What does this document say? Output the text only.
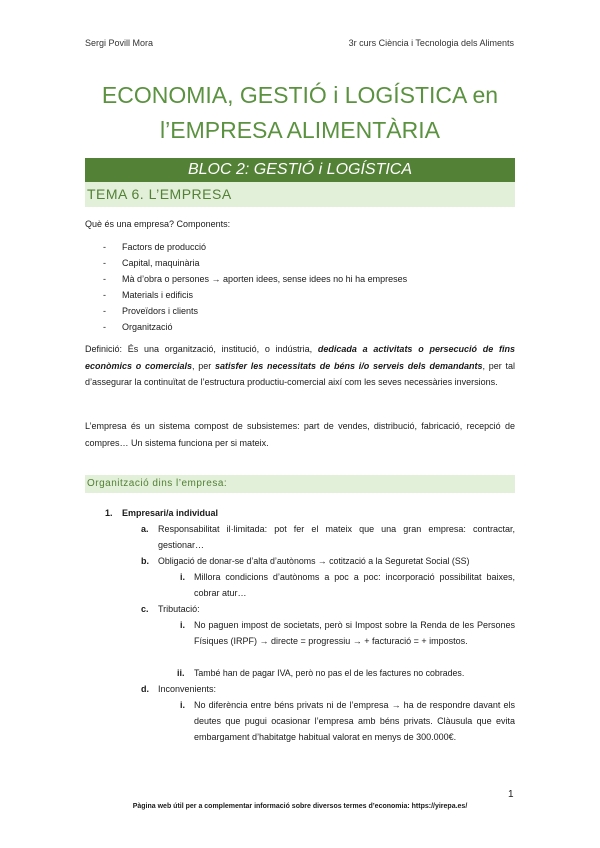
Sergi Povill Mora	3r curs Ciència i Tecnologia dels Aliments
ECONOMIA, GESTIÓ i LOGÍSTICA en
l’EMPRESA ALIMENTÀRIA
BLOC 2: GESTIÓ i LOGÍSTICA
TEMA 6. L’EMPRESA
Què és una empresa? Components:
- Factors de producció
- Capital, maquinària
- Mà d’obra o persones → aporten idees, sense idees no hi ha empreses
- Materials i edificis
- Proveïdors i clients
- Organització
Definició: És una organització, institució, o indústria, dedicada a activitats o persecució de fins econòmics o comercials, per satisfer les necessitats de béns i/o serveis dels demandants, per tal d’assegurar la continuïtat de l’estructura productiu-comercial així com les seves necessàries inversions.
L’empresa és un sistema compost de subsistemes: part de vendes, distribució, fabricació, recepció de compres… Un sistema funciona per si mateix.
Organització dins l’empresa:
1. Empresari/a individual
a. Responsabilitat il·limitada: pot fer el mateix que una gran empresa: contractar, gestionar…
b. Obligació de donar-se d’alta d’autònoms → cotització a la Seguretat Social (SS)
i. Millora condicions d’autònoms a poc a poc: incorporació possibilitat baixes, cobrar atur…
c. Tributació:
i. No paguen impost de societats, però si Impost sobre la Renda de les Persones Físiques (IRPF) → directe = progressiu → + facturació = + impostos.
ii. També han de pagar IVA, però no pas el de les factures no cobrades.
d. Inconvenients:
i. No diferència entre béns privats ni de l’empresa → ha de respondre davant els deutes que pugui ocasionar l’empresa amb béns privats. Clàusula que evita embargament d’habitatge habitual valorat en menys de 300.000€.
1
Pàgina web útil per a complementar informació sobre diversos termes d’economia: https://yirepa.es/
